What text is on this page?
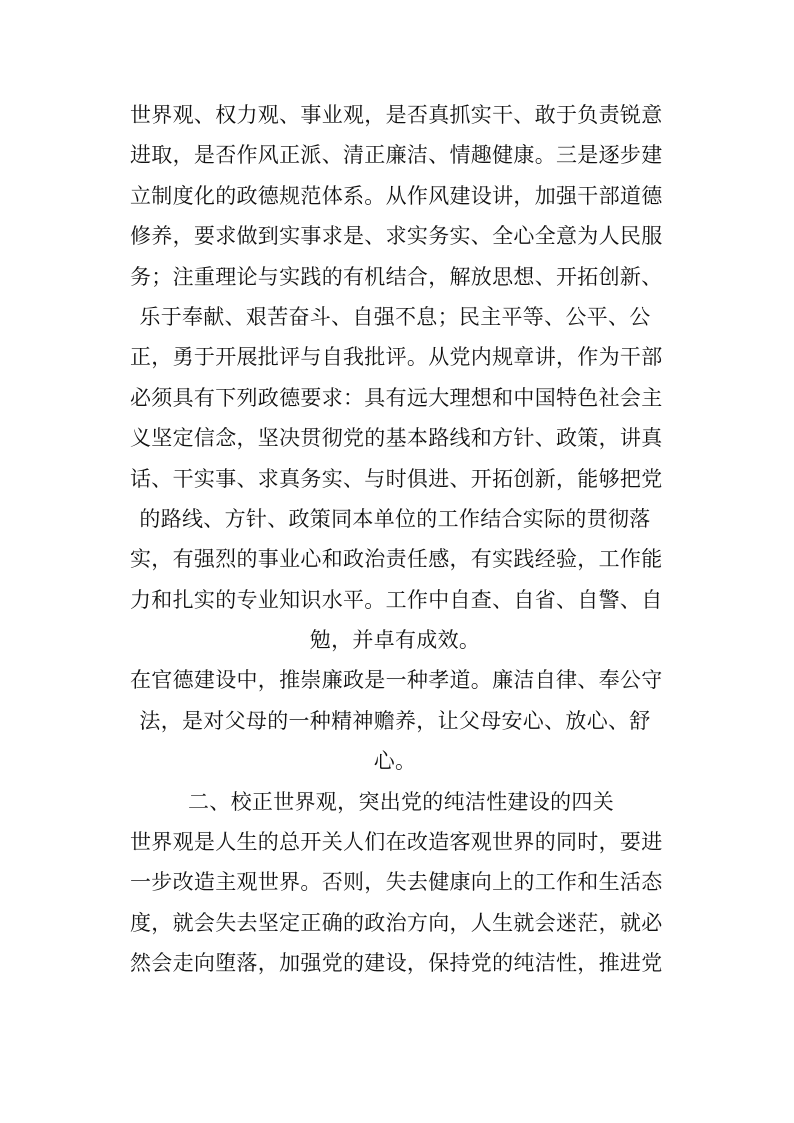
世界观、权力观、事业观，是否真抓实干、敢于负责锐意
进取，是否作风正派、清正廉洁、情趣健康。三是逐步建
立制度化的政德规范体系。从作风建设讲，加强干部道德
修养，要求做到实事求是、求实务实、全心全意为人民服
务；注重理论与实践的有机结合，解放思想、开拓创新、
乐于奉献、艰苦奋斗、自强不息；民主平等、公平、公
正，勇于开展批评与自我批评。从党内规章讲，作为干部
必须具有下列政德要求：具有远大理想和中国特色社会主
义坚定信念，坚决贯彻党的基本路线和方针、政策，讲真
话、干实事、求真务实、与时俱进、开拓创新，能够把党
的路线、方针、政策同本单位的工作结合实际的贯彻落
实，有强烈的事业心和政治责任感，有实践经验，工作能
力和扎实的专业知识水平。工作中自查、自省、自警、自
勉，并卓有成效。
在官德建设中，推崇廉政是一种孝道。廉洁自律、奉公守
法，是对父母的一种精神赡养，让父母安心、放心、舒
心。
二、校正世界观，突出党的纯洁性建设的四关
世界观是人生的总开关人们在改造客观世界的同时，要进
一步改造主观世界。否则，失去健康向上的工作和生活态
度，就会失去坚定正确的政治方向，人生就会迷茫，就必
然会走向堕落，加强党的建设，保持党的纯洁性，推进党
